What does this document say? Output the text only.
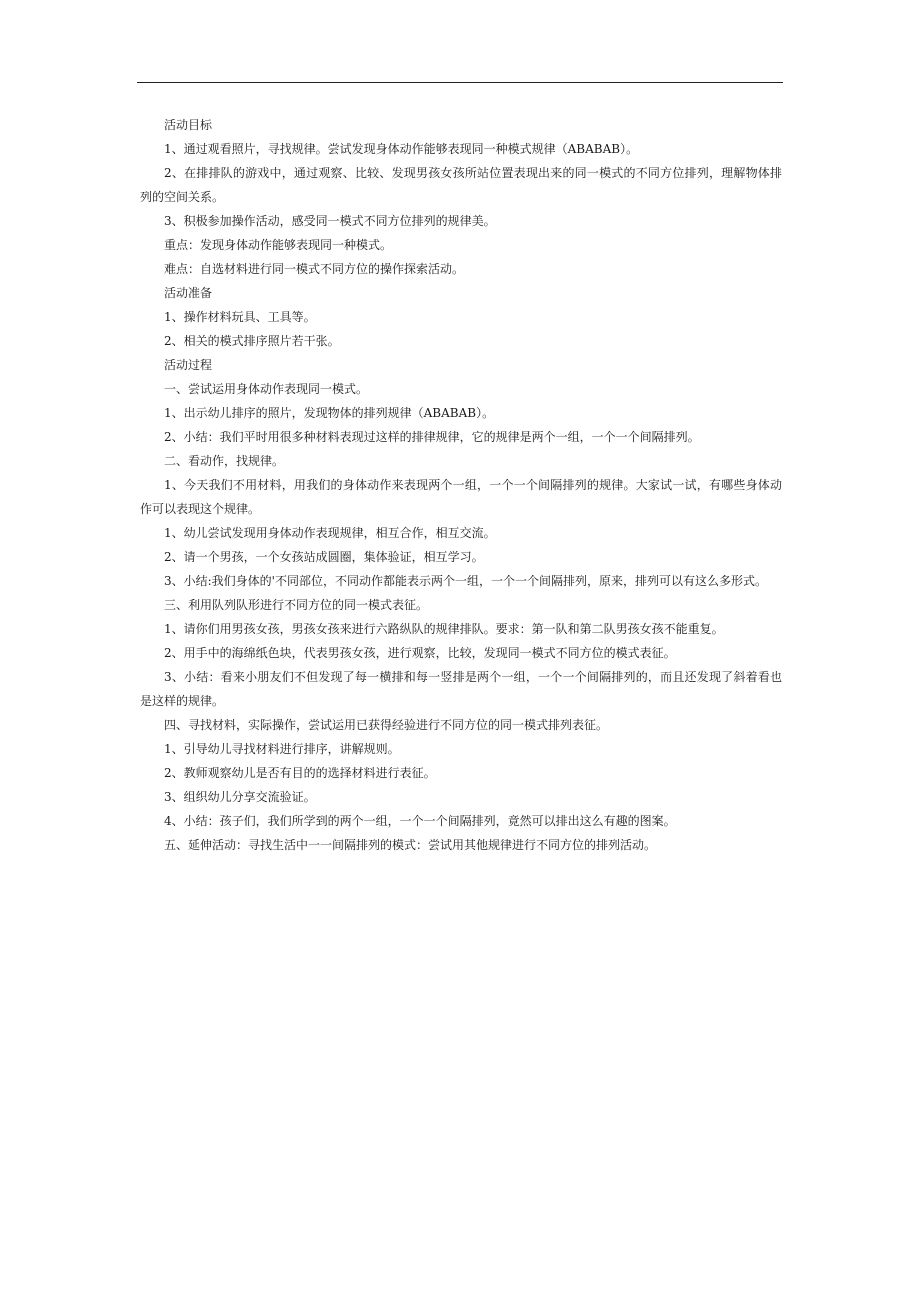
活动目标

1、通过观看照片，寻找规律。尝试发现身体动作能够表现同一种模式规律（ABABAB）。

2、在排排队的游戏中，通过观察、比较、发现男孩女孩所站位置表现出来的同一模式的不同方位排列，理解物体排列的空间关系。

3、积极参加操作活动，感受同一模式不同方位排列的规律美。

重点：发现身体动作能够表现同一种模式。

难点：自选材料进行同一模式不同方位的操作探索活动。

活动准备

1、操作材料玩具、工具等。

2、相关的模式排序照片若干张。

活动过程

一、尝试运用身体动作表现同一模式。

1、出示幼儿排序的照片，发现物体的排列规律（ABABAB）。

2、小结：我们平时用很多种材料表现过这样的排律规律，它的规律是两个一组，一个一个间隔排列。

二、看动作，找规律。

1、今天我们不用材料，用我们的身体动作来表现两个一组，一个一个间隔排列的规律。大家试一试，有哪些身体动作可以表现这个规律。

1、幼儿尝试发现用身体动作表现规律，相互合作，相互交流。

2、请一个男孩，一个女孩站成圆圈，集体验证，相互学习。

3、小结:我们身体的'不同部位，不同动作都能表示两个一组，一个一个间隔排列，原来，排列可以有这么多形式。

三、利用队列队形进行不同方位的同一模式表征。

1、请你们用男孩女孩，男孩女孩来进行六路纵队的规律排队。要求：第一队和第二队男孩女孩不能重复。

2、用手中的海绵纸色块，代表男孩女孩，进行观察，比较，发现同一模式不同方位的模式表征。

3、小结：看来小朋友们不但发现了每一横排和每一竖排是两个一组，一个一个间隔排列的，而且还发现了斜着看也是这样的规律。

四、寻找材料，实际操作，尝试运用已获得经验进行不同方位的同一模式排列表征。

1、引导幼儿寻找材料进行排序，讲解规则。

2、教师观察幼儿是否有目的的选择材料进行表征。

3、组织幼儿分享交流验证。

4、小结：孩子们，我们所学到的两个一组，一个一个间隔排列，竟然可以排出这么有趣的图案。

五、延伸活动：寻找生活中一一间隔排列的模式：尝试用其他规律进行不同方位的排列活动。
